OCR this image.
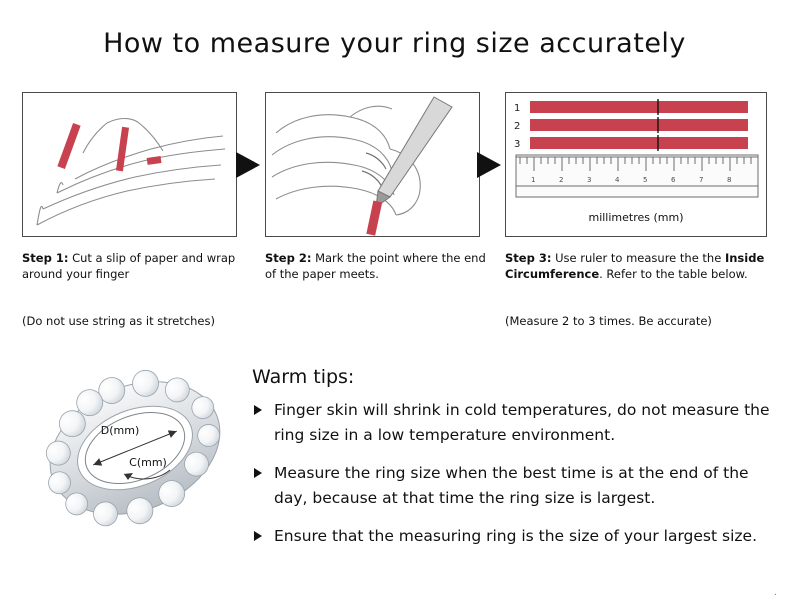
How to measure your ring size accurately
1
2
3
1	2	3	4	5	6	7	8
millimetres (mm)
Step 1: Cut a slip of paper and wrap around your finger
Step 2: Mark the point where the end of the paper meets.
Step 3: Use ruler to measure the the Inside Circumference. Refer to the table below.
(Do not use string as it stretches)	(Measure 2 to 3 times. Be accurate)
D(mm)
C(mm)
Warm tips:
Finger skin will shrink in cold temperatures, do not measure the ring size in a low temperature environment.
Measure the ring size when the best time is at the end of the day, because at that time the ring size is largest.
Ensure that the measuring ring is the size of your largest size.
.
